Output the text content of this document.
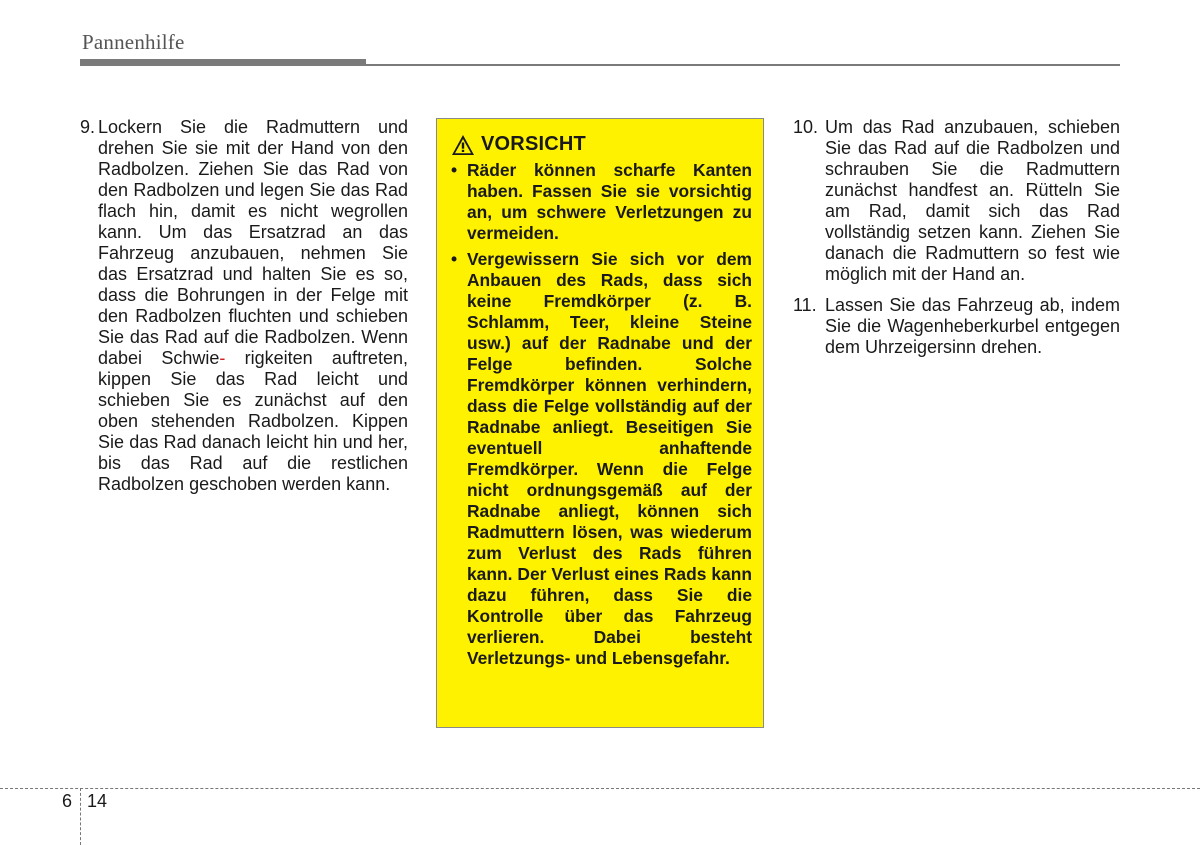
Pannenhilfe
9. Lockern Sie die Radmuttern und drehen Sie sie mit der Hand von den Radbolzen. Ziehen Sie das Rad von den Radbolzen und legen Sie das Rad flach hin, damit es nicht wegrollen kann. Um das Ersatzrad an das Fahrzeug anzubauen, nehmen Sie das Ersatzrad und halten Sie es so, dass die Bohrungen in der Felge mit den Radbolzen fluchten und schieben Sie das Rad auf die Radbolzen. Wenn dabei Schwie- rigkeiten auftreten, kippen Sie das Rad leicht und schieben Sie es zunächst auf den oben stehenden Radbolzen. Kippen Sie das Rad danach leicht hin und her, bis das Rad auf die restlichen Radbolzen geschoben werden kann.
VORSICHT
• Räder können scharfe Kanten haben. Fassen Sie sie vorsichtig an, um schwere Verletzungen zu vermeiden.
• Vergewissern Sie sich vor dem Anbauen des Rads, dass sich keine Fremdkörper (z. B. Schlamm, Teer, kleine Steine usw.) auf der Radnabe und der Felge befinden. Solche Fremdkörper können verhindern, dass die Felge vollständig auf der Radnabe anliegt. Beseitigen Sie eventuell anhaftende Fremdkörper. Wenn die Felge nicht ordnungsgemäß auf der Radnabe anliegt, können sich Radmuttern lösen, was wiederum zum Verlust des Rads führen kann. Der Verlust eines Rads kann dazu führen, dass Sie die Kontrolle über das Fahrzeug verlieren. Dabei besteht Verletzungs- und Lebensgefahr.
10. Um das Rad anzubauen, schieben Sie das Rad auf die Radbolzen und schrauben Sie die Radmuttern zunächst handfest an. Rütteln Sie am Rad, damit sich das Rad vollständig setzen kann. Ziehen Sie danach die Radmuttern so fest wie möglich mit der Hand an.
11. Lassen Sie das Fahrzeug ab, indem Sie die Wagenheberkurbel entgegen dem Uhrzeigersinn drehen.
6 14
